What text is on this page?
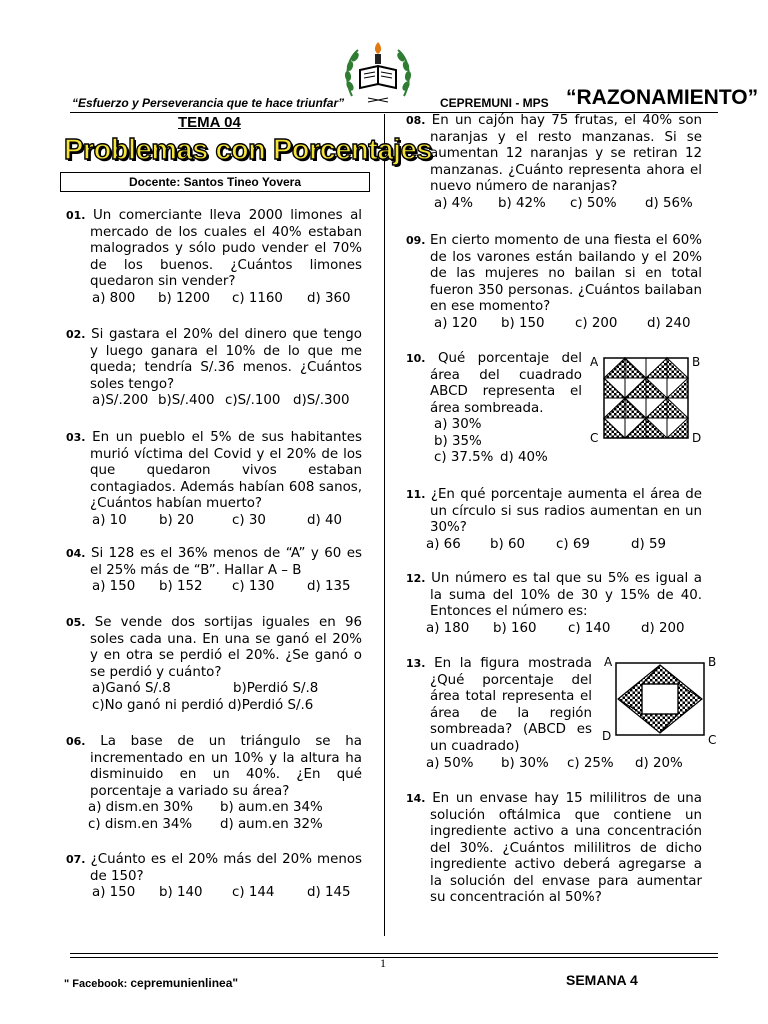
“Esfuerzo y Perseverancia que te hace triunfar”	CEPREMUNI - MPS “RAZONAMIENTO”
TEMA 04
Problemas con Porcentajes
Docente: Santos Tineo Yovera
01. Un comerciante lleva 2000 limones al mercado de los cuales el 40% estaban malogrados y sólo pudo vender el 70% de los buenos. ¿Cuántos limones quedaron sin vender?
a) 800	b) 1200	c) 1160	d) 360
02. Si gastara el 20% del dinero que tengo y luego ganara el 10% de lo que me queda; tendría S/.36 menos. ¿Cuántos soles tengo?
a)S/.200 b)S/.400 c)S/.100 d)S/.300
03. En un pueblo el 5% de sus habitantes murió víctima del Covid y el 20% de los que quedaron vivos estaban contagiados. Además habían 608 sanos, ¿Cuántos habían muerto?
a) 10	b) 20	c) 30	d) 40
04. Si 128 es el 36% menos de “A” y 60 es el 25% más de “B”. Hallar A – B
a) 150	b) 152	c) 130	d) 135
05. Se vende dos sortijas iguales en 96 soles cada una. En una se ganó el 20% y en otra se perdió el 20%. ¿Se ganó o se perdió y cuánto?
a)Ganó S/.8	b)Perdió S/.8
c)No ganó ni perdió d)Perdió S/.6
06. La base de un triángulo se ha incrementado en un 10% y la altura ha disminuido en un 40%. ¿En qué porcentaje a variado su área?
a) dism.en 30%	b) aum.en 34%
c) dism.en 34%	d) aum.en 32%
07. ¿Cuánto es el 20% más del 20% menos de 150?
a) 150	b) 140	c) 144	d) 145
08. En un cajón hay 75 frutas, el 40% son naranjas y el resto manzanas. Si se aumentan 12 naranjas y se retiran 12 manzanas. ¿Cuánto representa ahora el nuevo número de naranjas?
a) 4%	b) 42%	c) 50%	d) 56%
09. En cierto momento de una fiesta el 60% de los varones están bailando y el 20% de las mujeres no bailan si en total fueron 350 personas. ¿Cuántos bailaban en ese momento?
a) 120	b) 150	c) 200	d) 240
10. Qué porcentaje del área del cuadrado ABCD representa el área sombreada.
a) 30%
b) 35%
c) 37.5% d) 40%
A	B
C	D
11. ¿En qué porcentaje aumenta el área de un círculo si sus radios aumentan en un 30%?
a) 66	b) 60	c) 69	d) 59
12. Un número es tal que su 5% es igual a la suma del 10% de 30 y 15% de 40. Entonces el número es:
a) 180	b) 160	c) 140	d) 200
13. En la figura mostrada ¿Qué porcentaje del área total representa el área de la región sombreada? (ABCD es un cuadrado)
a) 50%	b) 30%	c) 25%	d) 20%
A	B
D	C
14. En un envase hay 15 mililitros de una solución oftálmica que contiene un ingrediente activo a una concentración del 30%. ¿Cuántos mililitros de dicho ingrediente activo deberá agregarse a la solución del envase para aumentar su concentración al 50%?
1
" Facebook: cepremunienlinea"	SEMANA 4
